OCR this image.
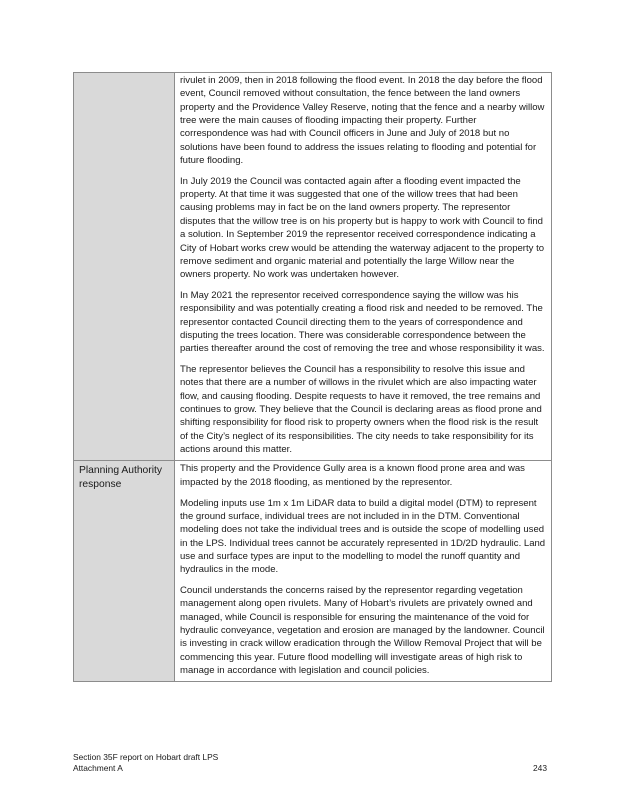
	rivulet in 2009, then in 2018 following the flood event. In 2018 the day before the flood event, Council removed without consultation, the fence between the land owners property and the Providence Valley Reserve, noting that the fence and a nearby willow tree were the main causes of flooding impacting their property. Further correspondence was had with Council officers in June and July of 2018 but no solutions have been found to address the issues relating to flooding and potential for future flooding.

In July 2019 the Council was contacted again after a flooding event impacted the property. At that time it was suggested that one of the willow trees that had been causing problems may in fact be on the land owners property. The representor disputes that the willow tree is on his property but is happy to work with Council to find a solution. In September 2019 the representor received correspondence indicating a City of Hobart works crew would be attending the waterway adjacent to the property to remove sediment and organic material and potentially the large Willow near the owners property. No work was undertaken however.

In May 2021 the representor received correspondence saying the willow was his responsibility and was potentially creating a flood risk and needed to be removed. The representor contacted Council directing them to the years of correspondence and disputing the trees location. There was considerable correspondence between the parties thereafter around the cost of removing the tree and whose responsibility it was.

The representor believes the Council has a responsibility to resolve this issue and notes that there are a number of willows in the rivulet which are also impacting water flow, and causing flooding. Despite requests to have it removed, the tree remains and continues to grow. They believe that the Council is declaring areas as flood prone and shifting responsibility for flood risk to property owners when the flood risk is the result of the City’s neglect of its responsibilities. The city needs to take responsibility for its actions around this matter.

Planning Authority response	This property and the Providence Gully area is a known flood prone area and was impacted by the 2018 flooding, as mentioned by the representor.

Modeling inputs use 1m x 1m LiDAR data to build a digital model (DTM) to represent the ground surface, individual trees are not included in in the DTM. Conventional modeling does not take the individual trees and is outside the scope of modelling used in the LPS. Individual trees cannot be accurately represented in 1D/2D hydraulic. Land use and surface types are input to the modelling to model the runoff quantity and hydraulics in the mode.

Council understands the concerns raised by the representor regarding vegetation management along open rivulets. Many of Hobart’s rivulets are privately owned and managed, while Council is responsible for ensuring the maintenance of the void for hydraulic conveyance, vegetation and erosion are managed by the landowner. Council is investing in crack willow eradication through the Willow Removal Project that will be commencing this year. Future flood modelling will investigate areas of high risk to manage in accordance with legislation and council policies.

Section 35F report on Hobart draft LPS
Attachment A	243
